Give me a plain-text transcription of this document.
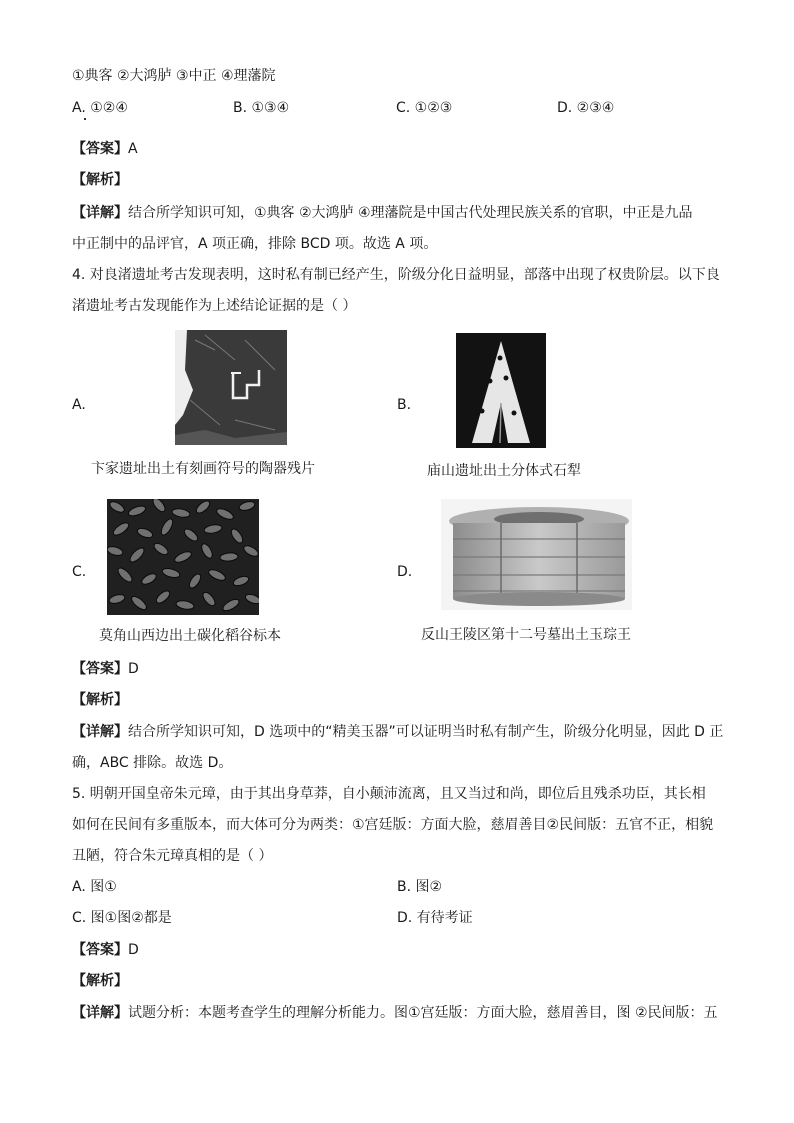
①典客 ②大鸿胪 ③中正 ④理藩院
A. ①②④	B. ①③④	C. ①②③	D. ②③④
【答案】A
【解析】
【详解】结合所学知识可知，①典客 ②大鸿胪 ④理藩院是中国古代处理民族关系的官职，中正是九品
中正制中的品评官，A 项正确，排除 BCD 项。故选 A 项。
4. 对良渚遗址考古发现表明，这时私有制已经产生，阶级分化日益明显，部落中出现了权贵阶层。以下良
渚遗址考古发现能作为上述结论证据的是（ ）
A.
卞家遗址出土有刻画符号的陶器残片
B.
庙山遗址出土分体式石犁
C.
莫角山西边出土碳化稻谷标本
D.
反山王陵区第十二号墓出土玉琮王
【答案】D
【解析】
【详解】结合所学知识可知，D 选项中的“精美玉器”可以证明当时私有制产生，阶级分化明显，因此 D 正
确，ABC 排除。故选 D。
5. 明朝开国皇帝朱元璋，由于其出身草莽，自小颠沛流离，且又当过和尚，即位后且残杀功臣，其长相
如何在民间有多重版本，而大体可分为两类：①宫廷版：方面大脸，慈眉善目②民间版：五官不正，相貌
丑陋，符合朱元璋真相的是（ ）
A. 图①	B. 图②
C. 图①图②都是	D. 有待考证
【答案】D
【解析】
【详解】试题分析：本题考查学生的理解分析能力。图①宫廷版：方面大脸，慈眉善目，图 ②民间版：五
